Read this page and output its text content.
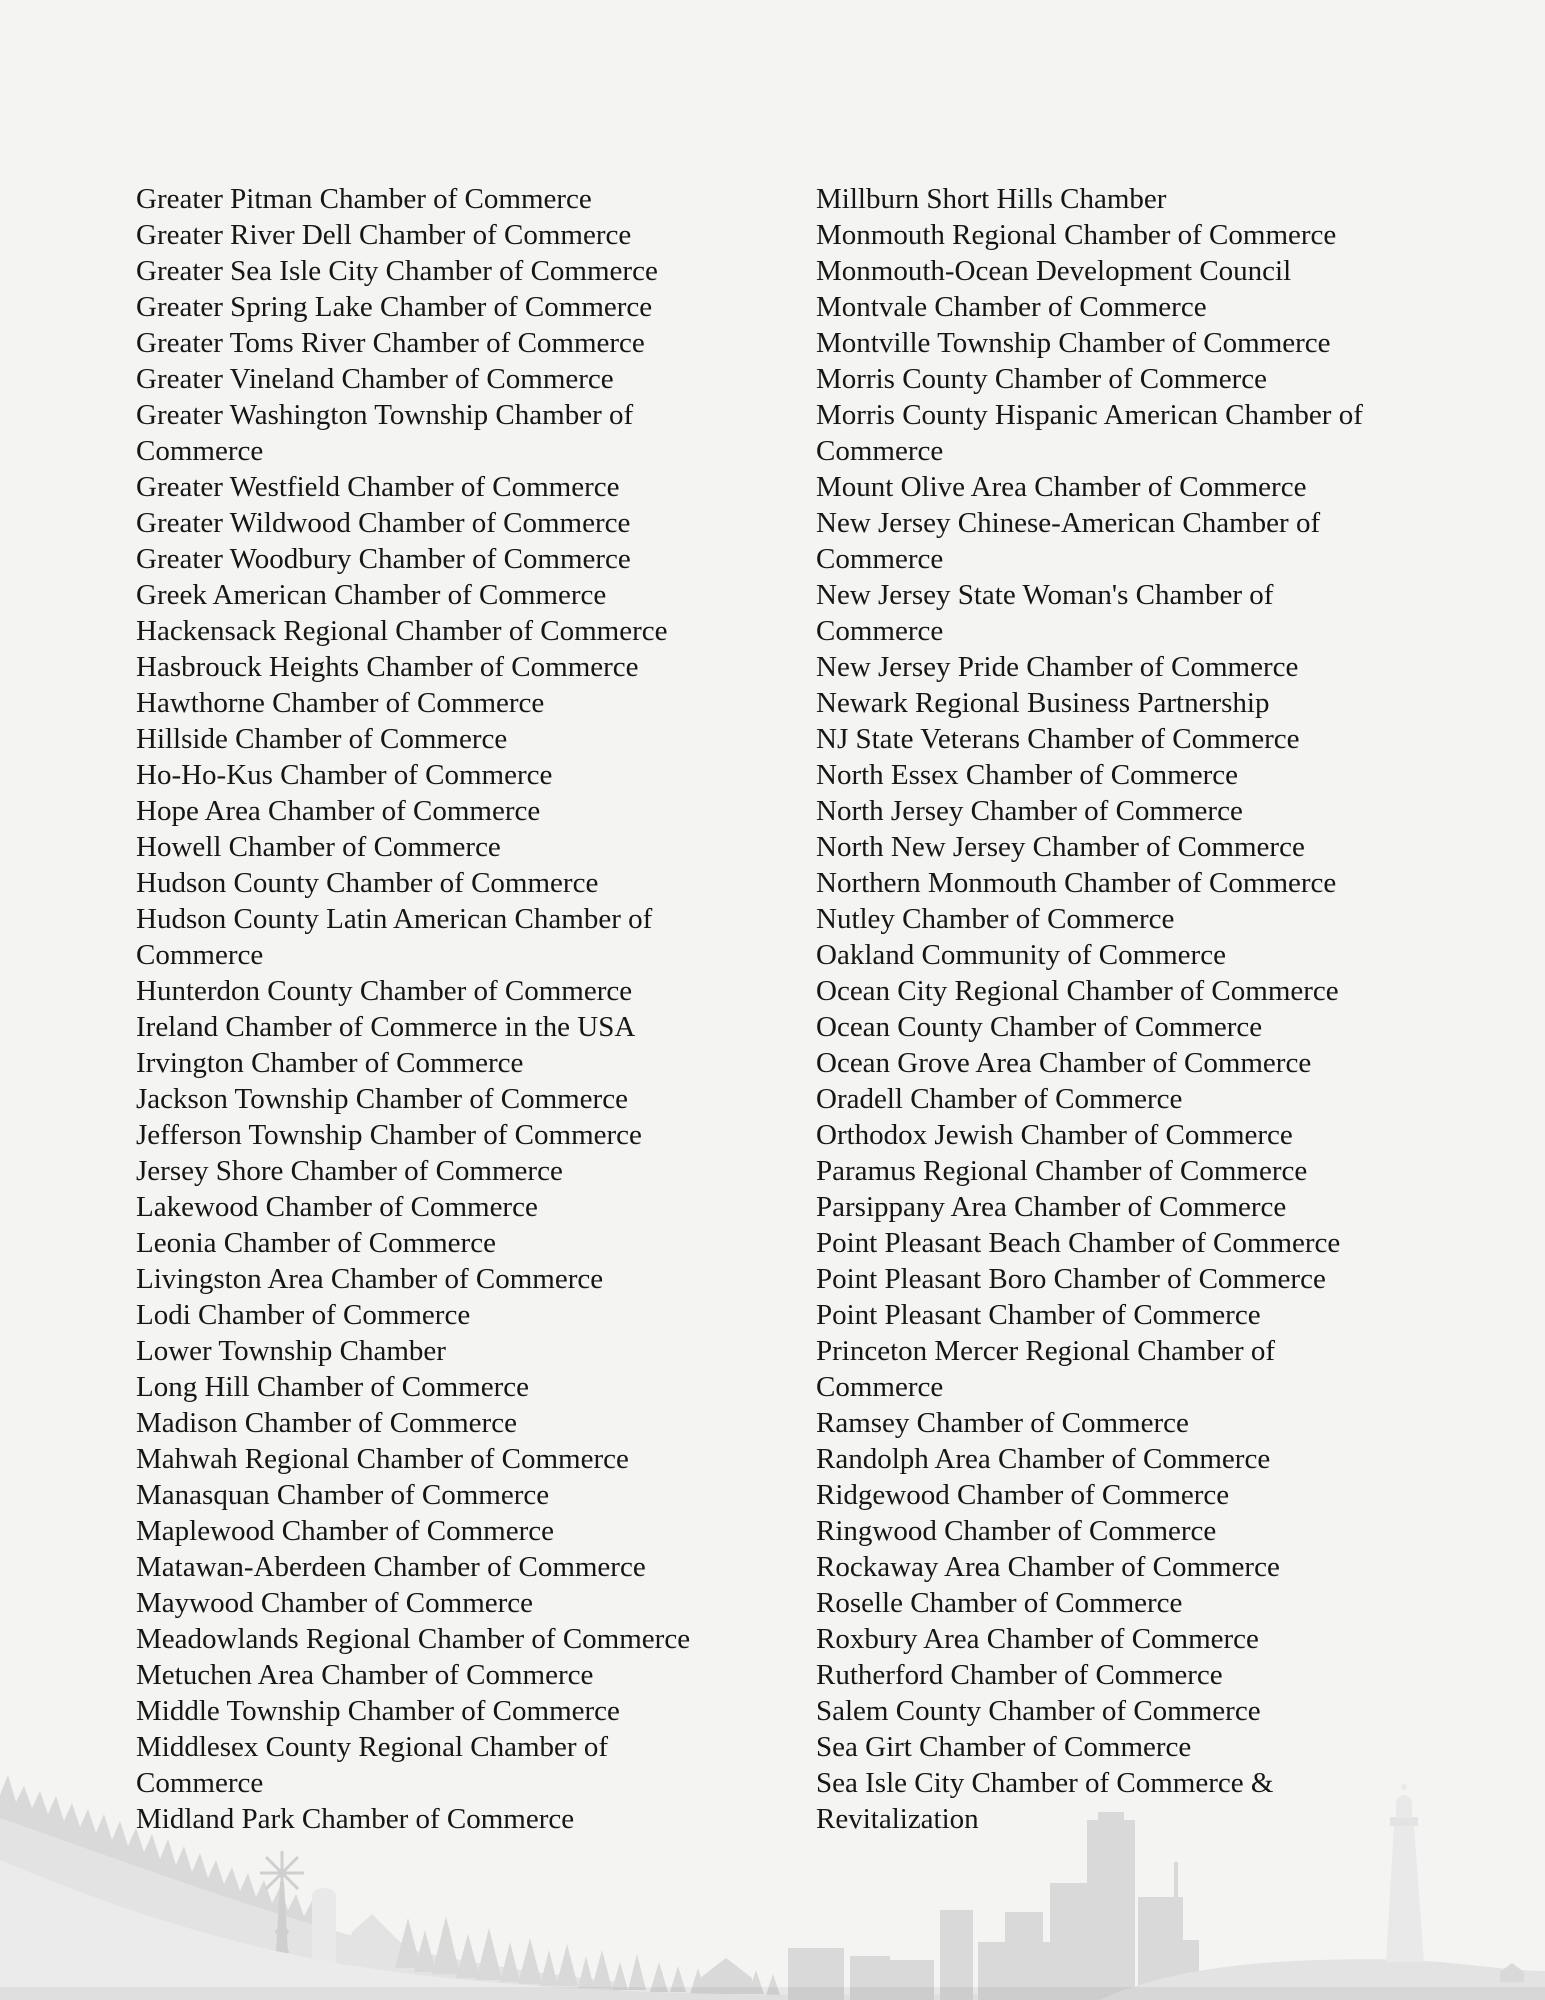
Greater Pitman Chamber of Commerce
Greater River Dell Chamber of Commerce
Greater Sea Isle City Chamber of Commerce
Greater Spring Lake Chamber of Commerce
Greater Toms River Chamber of Commerce
Greater Vineland Chamber of Commerce
Greater Washington Township Chamber of
Commerce
Greater Westfield Chamber of Commerce
Greater Wildwood Chamber of Commerce
Greater Woodbury Chamber of Commerce
Greek American Chamber of Commerce
Hackensack Regional Chamber of Commerce
Hasbrouck Heights Chamber of Commerce
Hawthorne Chamber of Commerce
Hillside Chamber of Commerce
Ho-Ho-Kus Chamber of Commerce
Hope Area Chamber of Commerce
Howell Chamber of Commerce
Hudson County Chamber of Commerce
Hudson County Latin American Chamber of
Commerce
Hunterdon County Chamber of Commerce
Ireland Chamber of Commerce in the USA
Irvington Chamber of Commerce
Jackson Township Chamber of Commerce
Jefferson Township Chamber of Commerce
Jersey Shore Chamber of Commerce
Lakewood Chamber of Commerce
Leonia Chamber of Commerce
Livingston Area Chamber of Commerce
Lodi Chamber of Commerce
Lower Township Chamber
Long Hill Chamber of Commerce
Madison Chamber of Commerce
Mahwah Regional Chamber of Commerce
Manasquan Chamber of Commerce
Maplewood Chamber of Commerce
Matawan-Aberdeen Chamber of Commerce
Maywood Chamber of Commerce
Meadowlands Regional Chamber of Commerce
Metuchen Area Chamber of Commerce
Middle Township Chamber of Commerce
Middlesex County Regional Chamber of
Commerce
Midland Park Chamber of Commerce
Millburn Short Hills Chamber
Monmouth Regional Chamber of Commerce
Monmouth-Ocean Development Council
Montvale Chamber of Commerce
Montville Township Chamber of Commerce
Morris County Chamber of Commerce
Morris County Hispanic American Chamber of
Commerce
Mount Olive Area Chamber of Commerce
New Jersey Chinese-American Chamber of
Commerce
New Jersey State Woman's Chamber of
Commerce
New Jersey Pride Chamber of Commerce
Newark Regional Business Partnership
NJ State Veterans Chamber of Commerce
North Essex Chamber of Commerce
North Jersey Chamber of Commerce
North New Jersey Chamber of Commerce
Northern Monmouth Chamber of Commerce
Nutley Chamber of Commerce
Oakland Community of Commerce
Ocean City Regional Chamber of Commerce
Ocean County Chamber of Commerce
Ocean Grove Area Chamber of Commerce
Oradell Chamber of Commerce
Orthodox Jewish Chamber of Commerce
Paramus Regional Chamber of Commerce
Parsippany Area Chamber of Commerce
Point Pleasant Beach Chamber of Commerce
Point Pleasant Boro Chamber of Commerce
Point Pleasant Chamber of Commerce
Princeton Mercer Regional Chamber of
Commerce
Ramsey Chamber of Commerce
Randolph Area Chamber of Commerce
Ridgewood Chamber of Commerce
Ringwood Chamber of Commerce
Rockaway Area Chamber of Commerce
Roselle Chamber of Commerce
Roxbury Area Chamber of Commerce
Rutherford Chamber of Commerce
Salem County Chamber of Commerce
Sea Girt Chamber of Commerce
Sea Isle City Chamber of Commerce &
Revitalization
